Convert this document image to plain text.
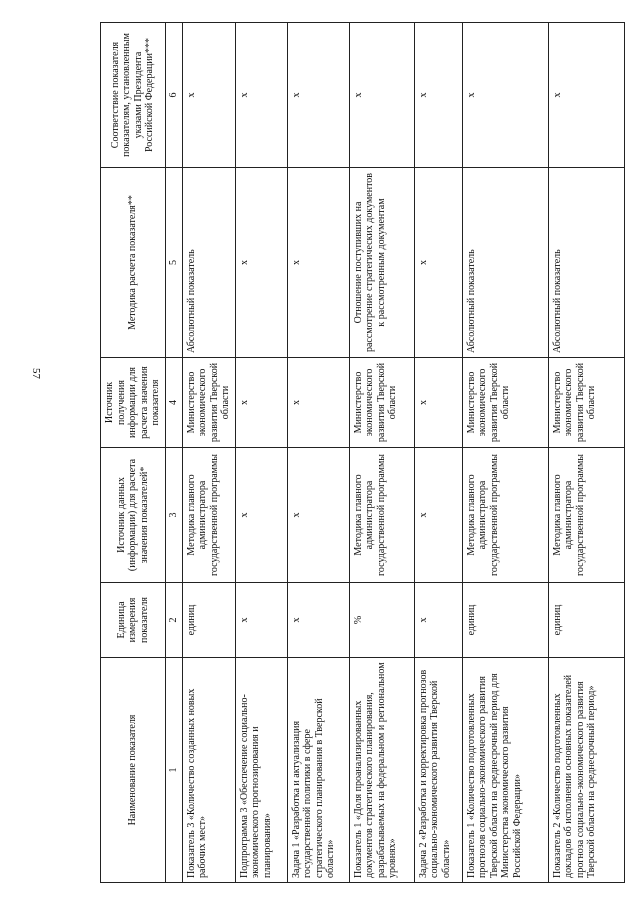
57
Наименование показателя	Единица измерения показателя	Источник данных (информации) для расчета значения показателей*	Источник получения информации для расчета значения показателя	Методика расчета показателя**	Соответствие показателя показателям, установленным указами Президента Российской Федерации***
1	2	3	4	5	6
Показатель 3 «Количество созданных новых рабочих мест»	единиц	Методика главного администратора государственной программы	Министерство экономического развития Тверской области	Абсолютный показатель	x
Подпрограмма 3 «Обеспечение социально-экономического прогнозирования и планирования»	x	x	x	x	x
Задача 1 «Разработка и актуализация государственной политики в сфере стратегического планирования в Тверской области»	x	x	x	x	x
Показатель 1 «Доля проанализированных документов стратегического планирования, разрабатываемых на федеральном и региональном уровнях»	%	Методика главного администратора государственной программы	Министерство экономического развития Тверской области	Отношение поступивших на рассмотрение стратегических документов к рассмотренным документам	x
Задача 2 «Разработка и корректировка прогнозов социально-экономического развития Тверской области»	x	x	x	x	x
Показатель 1 «Количество подготовленных прогнозов социально-экономического развития Тверской области на среднесрочный период для Министерства экономического развития Российской Федерации»	единиц	Методика главного администратора государственной программы	Министерство экономического развития Тверской области	Абсолютный показатель	x
Показатель 2 «Количество подготовленных докладов об исполнении основных показателей прогноза социально-экономического развития Тверской области на среднесрочный период»	единиц	Методика главного администратора государственной программы	Министерство экономического развития Тверской области	Абсолютный показатель	x
